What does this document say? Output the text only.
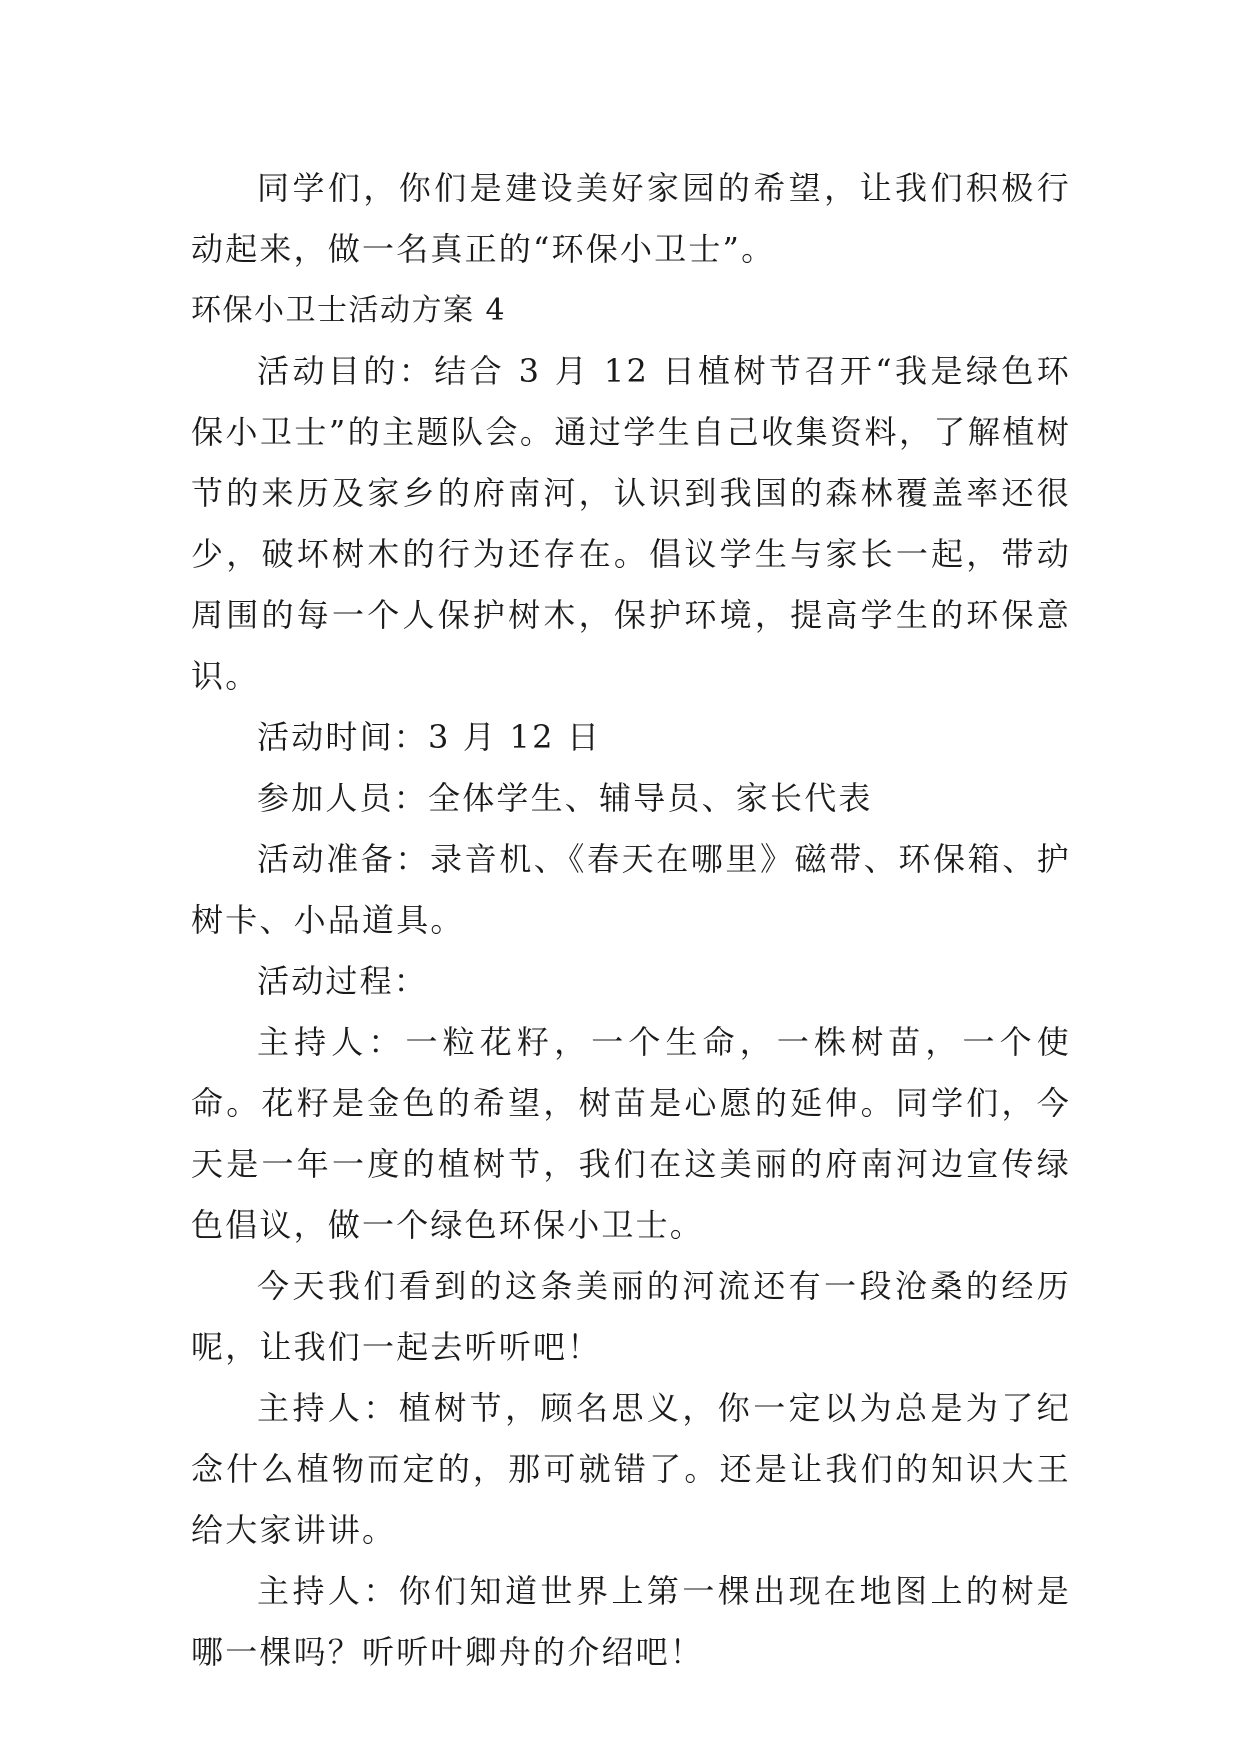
同学们，你们是建设美好家园的希望，让我们积极行动起来，做一名真正的“环保小卫士”。

环保小卫士活动方案 4

活动目的：结合 3 月 12 日植树节召开“我是绿色环保小卫士”的主题队会。通过学生自己收集资料，了解植树节的来历及家乡的府南河，认识到我国的森林覆盖率还很少，破坏树木的行为还存在。倡议学生与家长一起，带动周围的每一个人保护树木，保护环境，提高学生的环保意识。

活动时间：3 月 12 日

参加人员：全体学生、辅导员、家长代表

活动准备：录音机、《春天在哪里》磁带、环保箱、护树卡、小品道具。

活动过程：

主持人：一粒花籽，一个生命，一株树苗，一个使命。花籽是金色的希望，树苗是心愿的延伸。同学们，今天是一年一度的植树节，我们在这美丽的府南河边宣传绿色倡议，做一个绿色环保小卫士。

今天我们看到的这条美丽的河流还有一段沧桑的经历呢，让我们一起去听听吧！

主持人：植树节，顾名思义，你一定以为总是为了纪念什么植物而定的，那可就错了。还是让我们的知识大王给大家讲讲。

主持人：你们知道世界上第一棵出现在地图上的树是哪一棵吗？听听叶卿舟的介绍吧！
